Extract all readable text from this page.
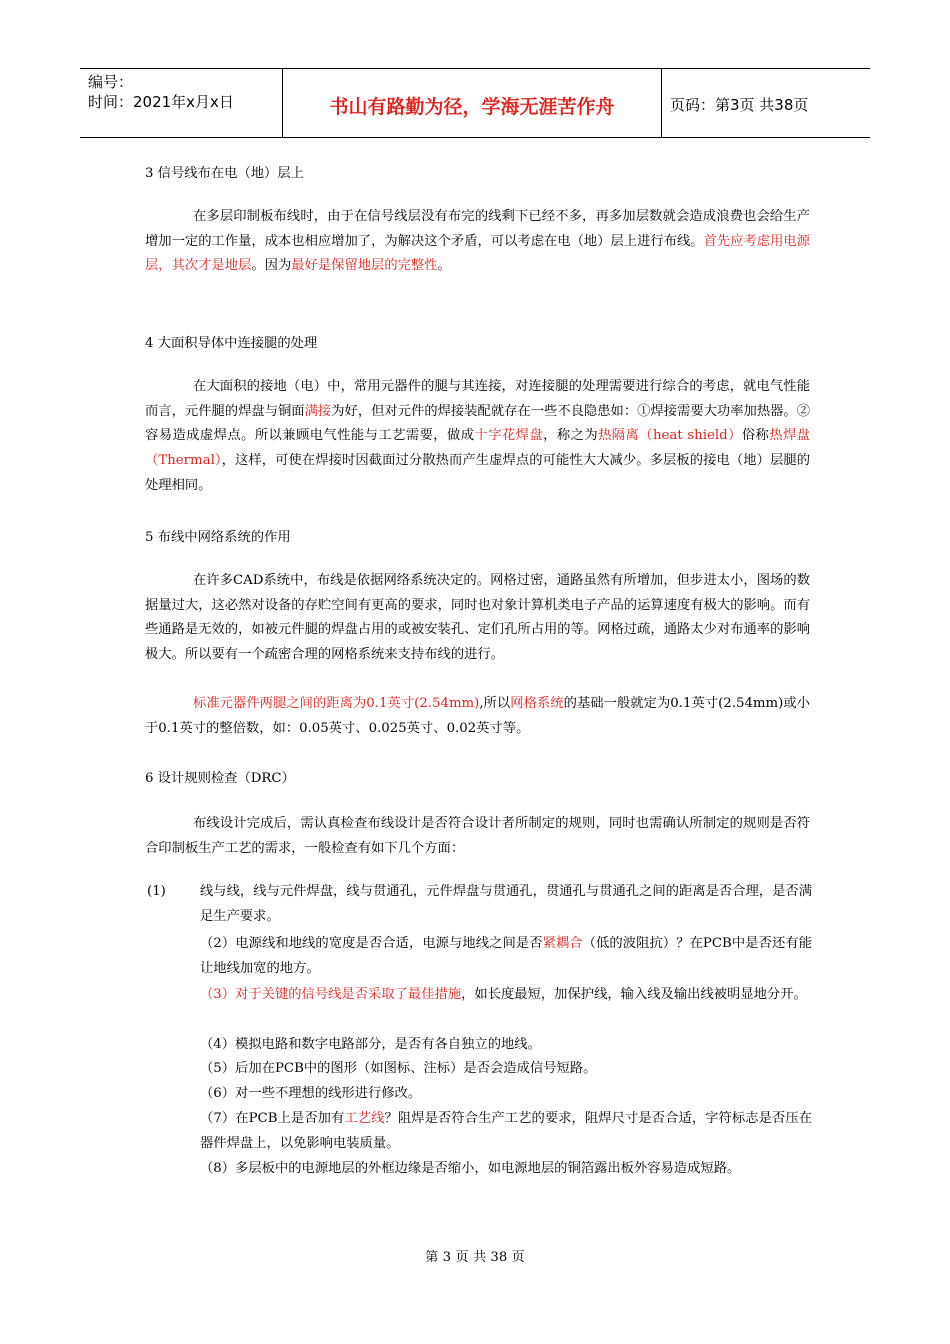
编号：
时间：2021年x月x日	书山有路勤为径，学海无涯苦作舟	页码：第3页 共38页
3 信号线布在电（地）层上
在多层印制板布线时，由于在信号线层没有布完的线剩下已经不多，再多加层数就会造成浪费也会给生产增加一定的工作量，成本也相应增加了，为解决这个矛盾，可以考虑在电（地）层上进行布线。首先应考虑用电源层，其次才是地层。因为最好是保留地层的完整性。
4 大面积导体中连接腿的处理
在大面积的接地（电）中，常用元器件的腿与其连接，对连接腿的处理需要进行综合的考虑，就电气性能而言，元件腿的焊盘与铜面满接为好，但对元件的焊接装配就存在一些不良隐患如：①焊接需要大功率加热器。②容易造成虚焊点。所以兼顾电气性能与工艺需要，做成十字花焊盘，称之为热隔离（heat shield）俗称热焊盘（Thermal），这样，可使在焊接时因截面过分散热而产生虚焊点的可能性大大减少。多层板的接电（地）层腿的处理相同。
5 布线中网络系统的作用
在许多CAD系统中，布线是依据网络系统决定的。网格过密，通路虽然有所增加，但步进太小，图场的数据量过大，这必然对设备的存贮空间有更高的要求，同时也对象计算机类电子产品的运算速度有极大的影响。而有些通路是无效的，如被元件腿的焊盘占用的或被安装孔、定们孔所占用的等。网格过疏，通路太少对布通率的影响极大。所以要有一个疏密合理的网格系统来支持布线的进行。
标准元器件两腿之间的距离为0.1英寸(2.54mm),所以网格系统的基础一般就定为0.1英寸(2.54mm)或小于0.1英寸的整倍数，如：0.05英寸、0.025英寸、0.02英寸等。
6 设计规则检查（DRC）
布线设计完成后，需认真检查布线设计是否符合设计者所制定的规则，同时也需确认所制定的规则是否符合印制板生产工艺的需求，一般检查有如下几个方面：
(1)	线与线，线与元件焊盘，线与贯通孔，元件焊盘与贯通孔，贯通孔与贯通孔之间的距离是否合理，是否满足生产要求。
（2）电源线和地线的宽度是否合适，电源与地线之间是否紧耦合（低的波阻抗）？在PCB中是否还有能让地线加宽的地方。
（3）对于关键的信号线是否采取了最佳措施，如长度最短，加保护线，输入线及输出线被明显地分开。
（4）模拟电路和数字电路部分，是否有各自独立的地线。
（5）后加在PCB中的图形（如图标、注标）是否会造成信号短路。
（6）对一些不理想的线形进行修改。
（7）在PCB上是否加有工艺线？阻焊是否符合生产工艺的要求，阻焊尺寸是否合适，字符标志是否压在器件焊盘上，以免影响电装质量。
（8）多层板中的电源地层的外框边缘是否缩小，如电源地层的铜箔露出板外容易造成短路。
第 3 页 共 38 页
